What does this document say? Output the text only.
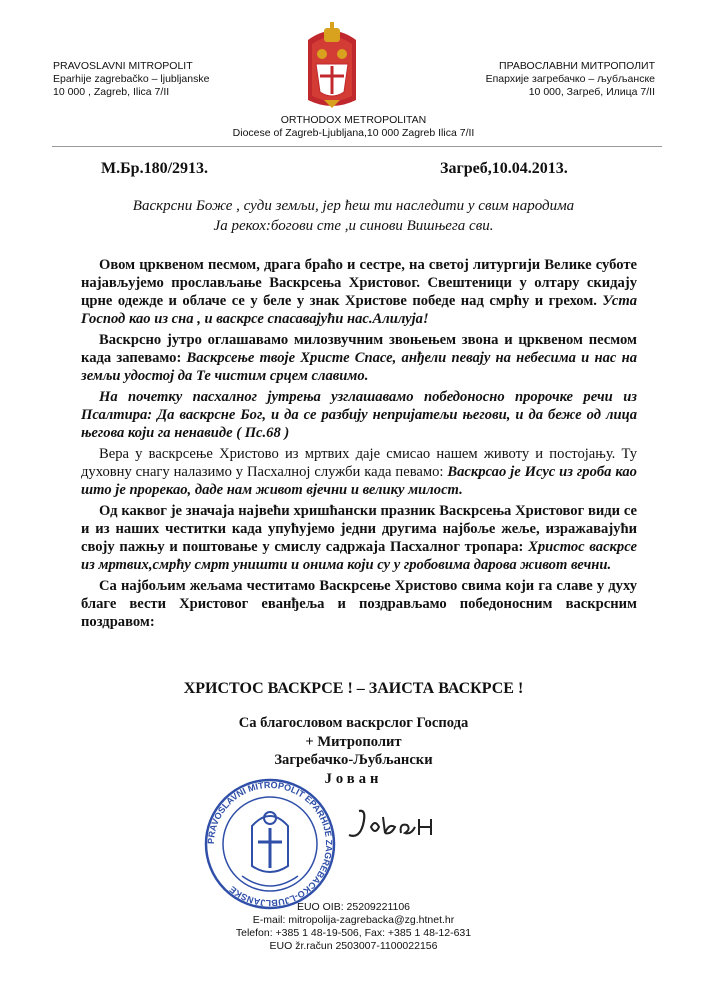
PRAVOSLAVNI MITROPOLIT
Eparhije zagrebačko – ljubljanske
10 000 , Zagreb, Ilica 7/II
ПРАВОСЛАВНИ МИТРОПОЛИТ
Епархије загребачко – љубљанске
10 000, Загреб, Илица 7/II
ORTHODOX METROPOLITAN
Diocese of Zagreb-Ljubljana,10 000 Zagreb Ilica 7/II
М.Бр.180/2913.	Загреб,10.04.2013.
Васкрсни Боже , суди земљи, јер ћеш ти наследити у свим народима
Ја рекох:богови сте ,и синови Вишњега сви.

Овом црквеном песмом, драга браћо и сестре, на светој литургији Велике суботе најављујемо прослављање Васкрсења Христовог. Свештеници у олтару скидају црне одежде и облаче се у беле у знак Христове победе над смрћу и грехом. Уста Господ као из сна , и васкрсе спасавајући нас.Алилуја!

Васкрсно јутро оглашавамо милозвучним звоњењем звона и црквеном песмом када запевамо: Васкрсење твоје Христе Спасе, анђели певају на небесима и нас на земљи удостој да Те чистим срцем славимо.

На почетку пасхалног јутрења узглашавамо победоносно пророчке речи из Псалтира: Да васкрсне Бог, и да се разбију непријатељи његови, и да беже од лица његова који га ненавиде ( Пс.68 )

Вера у васкрсење Христово из мртвих даје смисао нашем животу и постојању. Ту духовну снагу налазимо у Пасхалној служби када певамо: Васкрсао је Исус из гроба као што је прорекао, даде нам живот вјечни и велику милост.

Од каквог је значаја највећи хришћански празник Васкрсења Христовог види се и из наших честитки када упућујемо једни другима најбоље жеље, изражавајући своју пажњу и поштовање у смислу садржаја Пасхалног тропара: Христос васкрсе из мртвих,смрћу смрт уништи и онима који су у гробовима дарова живот вечни.

Са најбољим жељама честитамо Васкрсење Христово свима који га славе у духу благе вести Христовог еванђеља и поздрављамо победоносним васкрсним поздравом:

ХРИСТОС ВАСКРСЕ ! – ЗАИСТА ВАСКРСЕ !
Са благословом васкрслог Господа
+ Митрополит
Загребачко-Љубљански
Јован
PRAVOSLAVNI MITROPOLIT EPARHIJE ZAGREBAČKO-LJUBLJANSKE
EUO OIB: 25209221106
E-mail: mitropolija-zagrebacka@zg.htnet.hr
Telefon: +385 1 48-19-506, Fax: +385 1 48-12-631
EUO žr.račun 2503007-1100022156
